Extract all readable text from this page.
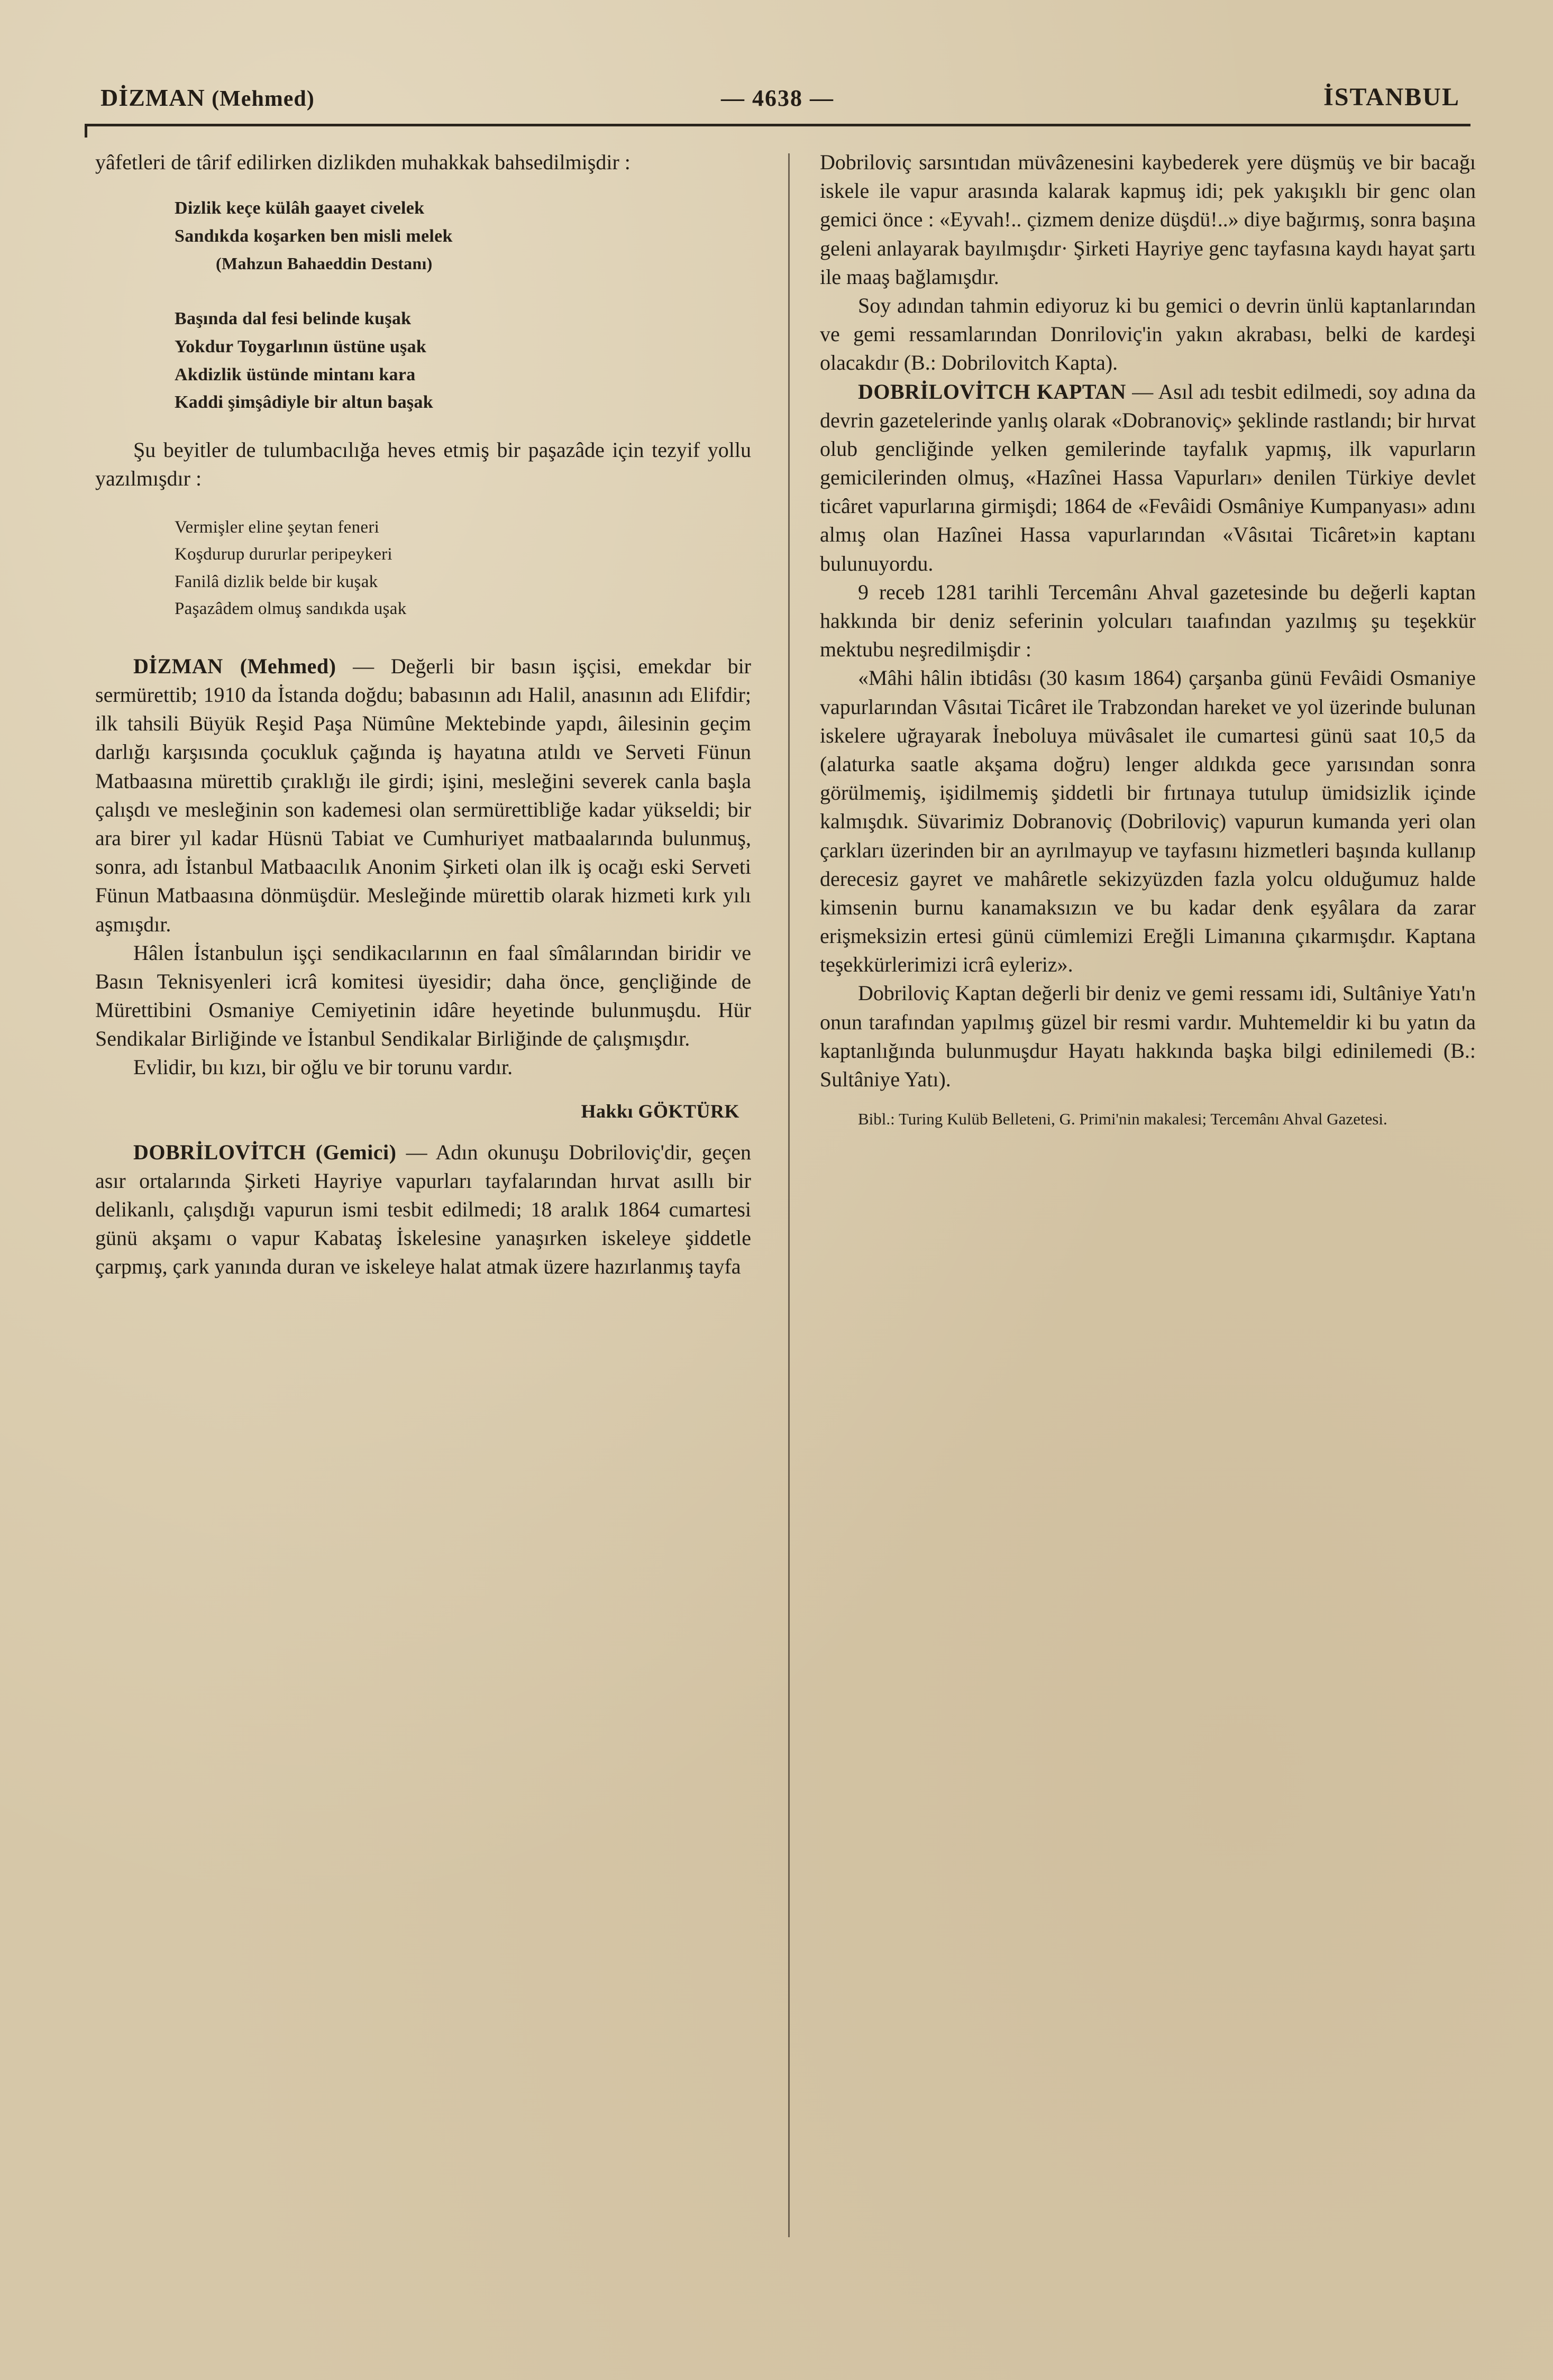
DİZMAN (Mehmed)	— 4638 —	İSTANBUL

yâfetleri de târif edilirken dizlikden muhakkak bahsedilmişdir :

Dizlik keçe külâh gaayet civelek
Sandıkda koşarken ben misli melek
(Mahzun Bahaeddin Destanı)
Başında dal fesi belinde kuşak
Yokdur Toygarlının üstüne uşak
Akdizlik üstünde mintanı kara
Kaddi şimşâdiyle bir altun başak

Şu beyitler de tulumbacılığa heves etmiş bir paşazâde için tezyif yollu yazılmışdır :

Vermişler eline şeytan feneri
Koşdurup dururlar peripeykeri
Fanilâ dizlik belde bir kuşak
Paşazâdem olmuş sandıkda uşak

DİZMAN (Mehmed) — Değerli bir basın işçisi, emekdar bir sermürettib; 1910 da İstanda doğdu; babasının adı Halil, anasının adı Elifdir; ilk tahsili Büyük Reşid Paşa Nümûne Mektebinde yapdı, âilesinin geçim darlığı karşısında çocukluk çağında iş hayatına atıldı ve Serveti Fünun Matbaasına mürettib çıraklığı ile girdi; işini, mesleğini severek canla başla çalışdı ve mesleğinin son kademesi olan sermürettibliğe kadar yükseldi; bir ara birer yıl kadar Hüsnü Tabiat ve Cumhuriyet matbaalarında bulunmuş, sonra, adı İstanbul Matbaacılık Anonim Şirketi olan ilk iş ocağı eski Serveti Fünun Matbaasına dönmüşdür. Mesleğinde mürettib olarak hizmeti kırk yılı aşmışdır.

Hâlen İstanbulun işçi sendikacılarının en faal sîmâlarından biridir ve Basın Teknisyenleri icrâ komitesi üyesidir; daha önce, gençliğinde de Mürettibini Osmaniye Cemiyetinin idâre heyetinde bulunmuşdu. Hür Sendikalar Birliğinde ve İstanbul Sendikalar Birliğinde de çalışmışdır.

Evlidir, bıı kızı, bir oğlu ve bir torunu vardır.

Hakkı GÖKTÜRK

DOBRİLOVİTCH (Gemici) — Adın okunuşu Dobriloviç'dir, geçen asır ortalarında Şirketi Hayriye vapurları tayfalarından hırvat asıllı bir delikanlı, çalışdığı vapurun ismi tesbit edilmedi; 18 aralık 1864 cumartesi günü akşamı o vapur Kabataş İskelesine yanaşırken iskeleye şiddetle çarpmış, çark yanında duran ve iskeleye halat atmak üzere hazırlanmış tayfa

Dobriloviç sarsıntıdan müvâzenesini kaybederek yere düşmüş ve bir bacağı iskele ile vapur arasında kalarak kapmuş idi; pek yakışıklı bir genc olan gemici önce : «Eyvah!.. çizmem denize düşdü!..» diye bağırmış, sonra başına geleni anlayarak bayılmışdır· Şirketi Hayriye genc tayfasına kaydı hayat şartı ile maaş bağlamışdır.

Soy adından tahmin ediyoruz ki bu gemici o devrin ünlü kaptanlarından ve gemi ressamlarından Donriloviç'in yakın akrabası, belki de kardeşi olacakdır (B.: Dobrilovitch Kapta).

DOBRİLOVİTCH KAPTAN — Asıl adı tesbit edilmedi, soy adına da devrin gazetelerinde yanlış olarak «Dobranoviç» şeklinde rastlandı; bir hırvat olub gencliğinde yelken gemilerinde tayfalık yapmış, ilk vapurların gemicilerinden olmuş, «Hazînei Hassa Vapurları» denilen Türkiye devlet ticâret vapurlarına girmişdi; 1864 de «Fevâidi Osmâniye Kumpanyası» adını almış olan Hazînei Hassa vapurlarından «Vâsıtai Ticâret»in kaptanı bulunuyordu.

9 receb 1281 tarihli Tercemânı Ahval gazetesinde bu değerli kaptan hakkında bir deniz seferinin yolcuları taıafından yazılmış şu teşekkür mektubu neşredilmişdir :

«Mâhi hâlin ibtidâsı (30 kasım 1864) çarşanba günü Fevâidi Osmaniye vapurlarından Vâsıtai Ticâret ile Trabzondan hareket ve yol üzerinde bulunan iskelere uğrayarak İneboluya müvâsalet ile cumartesi günü saat 10,5 da (alaturka saatle akşama doğru) lenger aldıkda gece yarısından sonra görülmemiş, işidilmemiş şiddetli bir fırtınaya tutulup ümidsizlik içinde kalmışdık. Süvarimiz Dobranoviç (Dobriloviç) vapurun kumanda yeri olan çarkları üzerinden bir an ayrılmayup ve tayfasını hizmetleri başında kullanıp derecesiz gayret ve mahâretle sekizyüzden fazla yolcu olduğumuz halde kimsenin burnu kanamaksızın ve bu kadar denk eşyâlara da zarar erişmeksizin ertesi günü cümlemizi Ereğli Limanına çıkarmışdır. Kaptana teşekkürlerimizi icrâ eyleriz».

Dobriloviç Kaptan değerli bir deniz ve gemi ressamı idi, Sultâniye Yatı'n onun tarafından yapılmış güzel bir resmi vardır. Muhtemeldir ki bu yatın da kaptanlığında bulunmuşdur Hayatı hakkında başka bilgi edinilemedi (B.: Sultâniye Yatı).

Bibl.: Turing Kulüb Belleteni, G. Primi'nin makalesi; Tercemânı Ahval Gazetesi.
